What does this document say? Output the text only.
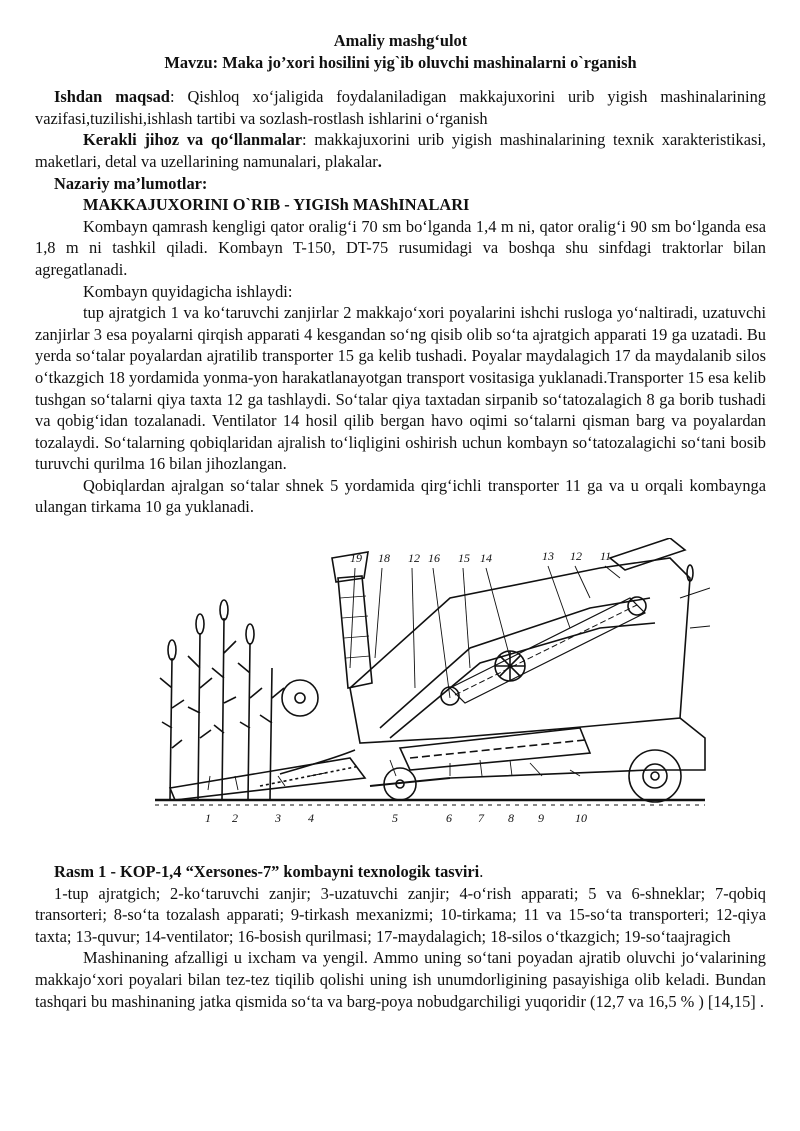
Amaliy mashg‘ulot

Mavzu: Maka jo’xori hosilini yig`ib oluvchi mashinalarni o`rganish

Ishdan maqsad: Qishloq xo‘jaligida foydalaniladigan makkajuxorini urib yigish mashinalarining vazifasi,tuzilishi,ishlash tartibi va sozlash-rostlash ishlarini o‘rganish

Kerakli jihoz va qo‘llanmalar: makkajuxorini urib yigish mashinalarining texnik xarakteristikasi, maketlari, detal va uzellarining namunalari, plakalar.

Nazariy ma’lumotlar:

MAKKAJUXORINI O`RIB - YIGISh MAShINALARI

Kombayn qamrash kengligi qator oralig‘i 70 sm bo‘lganda 1,4 m ni, qator oralig‘i 90 sm bo‘lganda esa 1,8 m ni tashkil qiladi. Kombayn T-150, DT-75 rusumidagi va boshqa shu sinfdagi traktorlar bilan agregatlanadi.

Kombayn quyidagicha ishlaydi:

tup ajratgich 1 va ko‘taruvchi zanjirlar 2 makkajo‘xori poyalarini ishchi rusloga yo‘naltiradi, uzatuvchi zanjirlar 3 esa poyalarni qirqish apparati 4 kesgandan so‘ng qisib olib so‘ta ajratgich apparati 19 ga uzatadi. Bu yerda so‘talar poyalardan ajratilib transporter 15 ga kelib tushadi. Poyalar maydalagich 17 da maydalanib silos o‘tkazgich 18 yordamida yonma-yon harakatlanayotgan transport vositasiga yuklanadi.Transporter 15 esa kelib tushgan so‘talarni qiya taxta 12 ga tashlaydi. So‘talar qiya taxtadan sirpanib so‘tatozalagich 8 ga borib tushadi va qobig‘idan tozalanadi. Ventilator 14 hosil qilib bergan havo oqimi so‘talarni qisman barg va poyalardan tozalaydi. So‘talarning qobiqlaridan ajralish to‘liqligini oshirish uchun kombayn so‘tatozalagichi so‘tani bosib turuvchi qurilma 16 bilan jihozlangan.

Qobiqlardan ajralgan so‘talar shnek 5 yordamida qirg‘ichli transporter 11 ga va u orqali kombaynga ulangan tirkama 10 ga yuklanadi.

19 18 12 16 15 14	13 12 11
1 2	3 4	5	6 7 8 9	10

Rasm 1 - KOP-1,4 “Xersones-7” kombayni texnologik tasviri.

1-tup ajratgich; 2-ko‘taruvchi zanjir; 3-uzatuvchi zanjir; 4-o‘rish apparati; 5 va 6-shneklar; 7-qobiq transorteri; 8-so‘ta tozalash apparati; 9-tirkash mexanizmi; 10-tirkama; 11 va 15-so‘ta transporteri; 12-qiya taxta; 13-quvur; 14-ventilator; 16-bosish qurilmasi; 17-maydalagich; 18-silos o‘tkazgich; 19-so‘taajragich

Mashinaning afzalligi u ixcham va yengil. Ammo uning so‘tani poyadan ajratib oluvchi jo‘valarining makkajo‘xori poyalari bilan tez-tez tiqilib qolishi uning ish unumdorligining pasayishiga olib keladi. Bundan tashqari bu mashinaning jatka qismida so‘ta va barg-poya nobudgarchiligi yuqoridir (12,7 va 16,5 % ) [14,15] .
